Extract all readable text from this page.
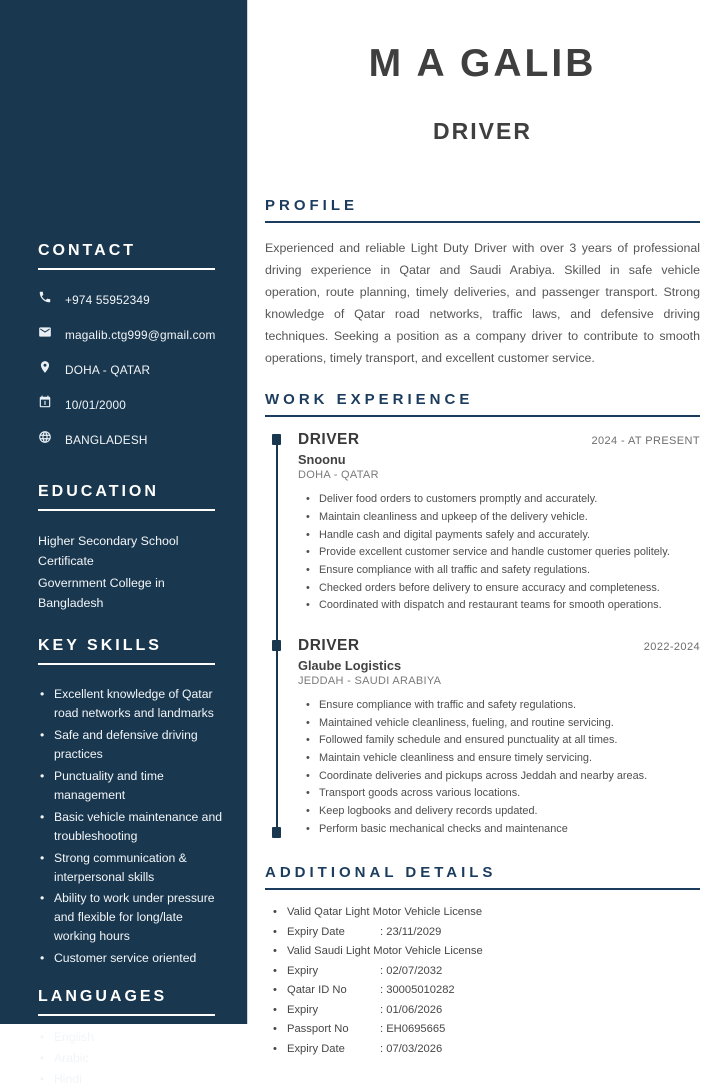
CONTACT
+974 55952349
magalib.ctg999@gmail.com
DOHA - QATAR
10/01/2000
BANGLADESH
EDUCATION
Higher Secondary School Certificate
Government College in Bangladesh
KEY SKILLS
• Excellent knowledge of Qatar road networks and landmarks
• Safe and defensive driving practices
• Punctuality and time management
• Basic vehicle maintenance and troubleshooting
• Strong communication & interpersonal skills
• Ability to work under pressure and flexible for long/late working hours
• Customer service oriented
LANGUAGES
• English
• Arabic
• Hindi
M A GALIB
DRIVER
PROFILE

Experienced and reliable Light Duty Driver with over 3 years of professional driving experience in Qatar and Saudi Arabiya. Skilled in safe vehicle operation, route planning, timely deliveries, and passenger transport. Strong knowledge of Qatar road networks, traffic laws, and defensive driving techniques. Seeking a position as a company driver to contribute to smooth operations, timely transport, and excellent customer service.

WORK EXPERIENCE
DRIVER	2024 - AT PRESENT
Snoonu
DOHA - QATAR
• Deliver food orders to customers promptly and accurately.
• Maintain cleanliness and upkeep of the delivery vehicle.
• Handle cash and digital payments safely and accurately.
• Provide excellent customer service and handle customer queries politely.
• Ensure compliance with all traffic and safety regulations.
• Checked orders before delivery to ensure accuracy and completeness.
• Coordinated with dispatch and restaurant teams for smooth operations.
DRIVER	2022-2024
Glaube Logistics
JEDDAH - SAUDI ARABIYA
• Ensure compliance with traffic and safety regulations.
• Maintained vehicle cleanliness, fueling, and routine servicing.
• Followed family schedule and ensured punctuality at all times.
• Maintain vehicle cleanliness and ensure timely servicing.
• Coordinate deliveries and pickups across Jeddah and nearby areas.
• Transport goods across various locations.
• Keep logbooks and delivery records updated.
• Perform basic mechanical checks and maintenance
ADDITIONAL DETAILS
• Valid Qatar Light Motor Vehicle License
• Expiry Date	: 23/11/2029
• Valid Saudi Light Motor Vehicle License
• Expiry	: 02/07/2032
• Qatar ID No	: 30005010282
• Expiry	: 01/06/2026
• Passport No	: EH0695665
• Expiry Date	: 07/03/2026
